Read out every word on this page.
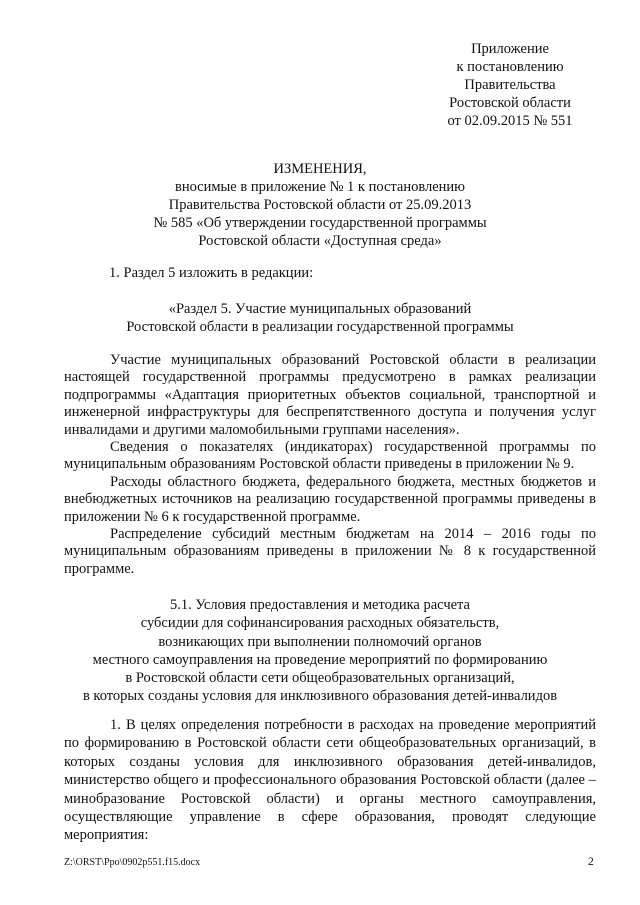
Приложение
к постановлению
Правительства
Ростовской области
от 02.09.2015 № 551
ИЗМЕНЕНИЯ,
вносимые в приложение № 1 к постановлению
Правительства Ростовской области от 25.09.2013
№ 585 «Об утверждении государственной программы
Ростовской области «Доступная среда»
1. Раздел 5 изложить в редакции:
«Раздел 5. Участие муниципальных образований
Ростовской области в реализации государственной программы

Участие муниципальных образований Ростовской области в реализации настоящей государственной программы предусмотрено в рамках реализации подпрограммы «Адаптация приоритетных объектов социальной, транспортной и инженерной инфраструктуры для беспрепятственного доступа и получения услуг инвалидами и другими маломобильными группами населения».

Сведения о показателях (индикаторах) государственной программы по муниципальным образованиям Ростовской области приведены в приложении № 9.

Расходы областного бюджета, федерального бюджета, местных бюджетов и внебюджетных источников на реализацию государственной программы приведены в приложении № 6 к государственной программе.

Распределение субсидий местным бюджетам на 2014 – 2016 годы по муниципальным образованиям приведены в приложении № 8 к государственной программе.

5.1. Условия предоставления и методика расчета
субсидии для софинансирования расходных обязательств,
возникающих при выполнении полномочий органов
местного самоуправления на проведение мероприятий по формированию
в Ростовской области сети общеобразовательных организаций,
в которых созданы условия для инклюзивного образования детей-инвалидов

1. В целях определения потребности в расходах на проведение мероприятий по формированию в Ростовской области сети общеобразовательных организаций, в которых созданы условия для инклюзивного образования детей-инвалидов, министерство общего и профессионального образования Ростовской области (далее – минобразование Ростовской области) и органы местного самоуправления, осуществляющие управление в сфере образования, проводят следующие мероприятия:

Z:\ORST\Ppo\0902p551.f15.docx	2
